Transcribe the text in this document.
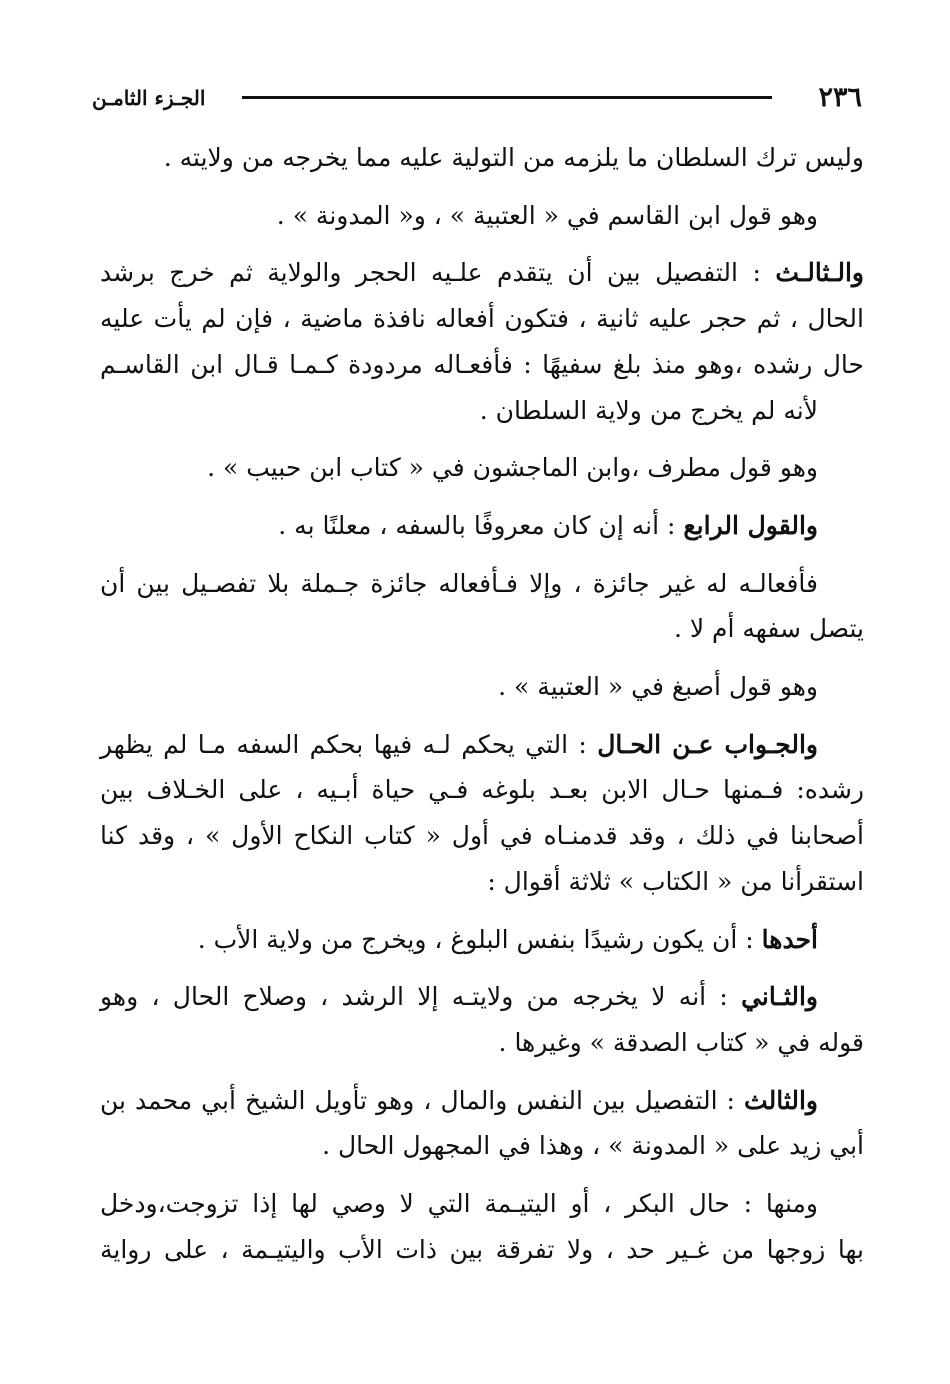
٢٣٦
الجـزء الثامـن
وليس ترك السلطان ما يلزمه من التولية عليه مما يخرجه من ولايته .
وهو قول ابن القاسم في « العتبية » ، و« المدونة » .
والـثالـث : التفصيل بين أن يتقدم علـيه الحجر والولاية ثم خرج برشد
الحال ، ثم حجر عليه ثانية ، فتكون أفعاله نافذة ماضية ، فإن لم يأت عليه
حال رشده ،وهو منذ بلغ سفيهًا : فأفعـاله مردودة كـمـا قـال ابن القاسـم
لأنه لم يخرج من ولاية السلطان .
وهو قول مطرف ،وابن الماجشون في « كتاب ابن حبيب » .
والقول الرابع : أنه إن كان معروفًا بالسفه ، معلنًا به .
فأفعالـه له غير جائزة ، وإلا فـأفعاله جائزة جـملة بلا تفصـيل بين أن
يتصل سفهه أم لا .
وهو قول أصبغ في « العتبية » .
والجـواب عـن الحـال : التي يحكم لـه فيها بحكم السفه مـا لم يظهر
رشده: فـمنها حـال الابن بعـد بلوغه فـي حياة أبـيه ، على الخـلاف بين
أصحابنا في ذلك ، وقد قدمنـاه في أول « كتاب النكاح الأول » ، وقد كنا
استقرأنا من « الكتاب » ثلاثة أقوال :
أحدها : أن يكون رشيدًا بنفس البلوغ ، ويخرج من ولاية الأب .
والثـاني : أنه لا يخرجه من ولايتـه إلا الرشد ، وصلاح الحال ، وهو
قوله في « كتاب الصدقة » وغيرها .
والثالث : التفصيل بين النفس والمال ، وهو تأويل الشيخ أبي محمد بن
أبي زيد على « المدونة » ، وهذا في المجهول الحال .
ومنها : حال البكر ، أو اليتيـمة التي لا وصي لها إذا تزوجت،ودخل
بها زوجها من غـير حد ، ولا تفرقة بين ذات الأب واليتيـمة ، على رواية
